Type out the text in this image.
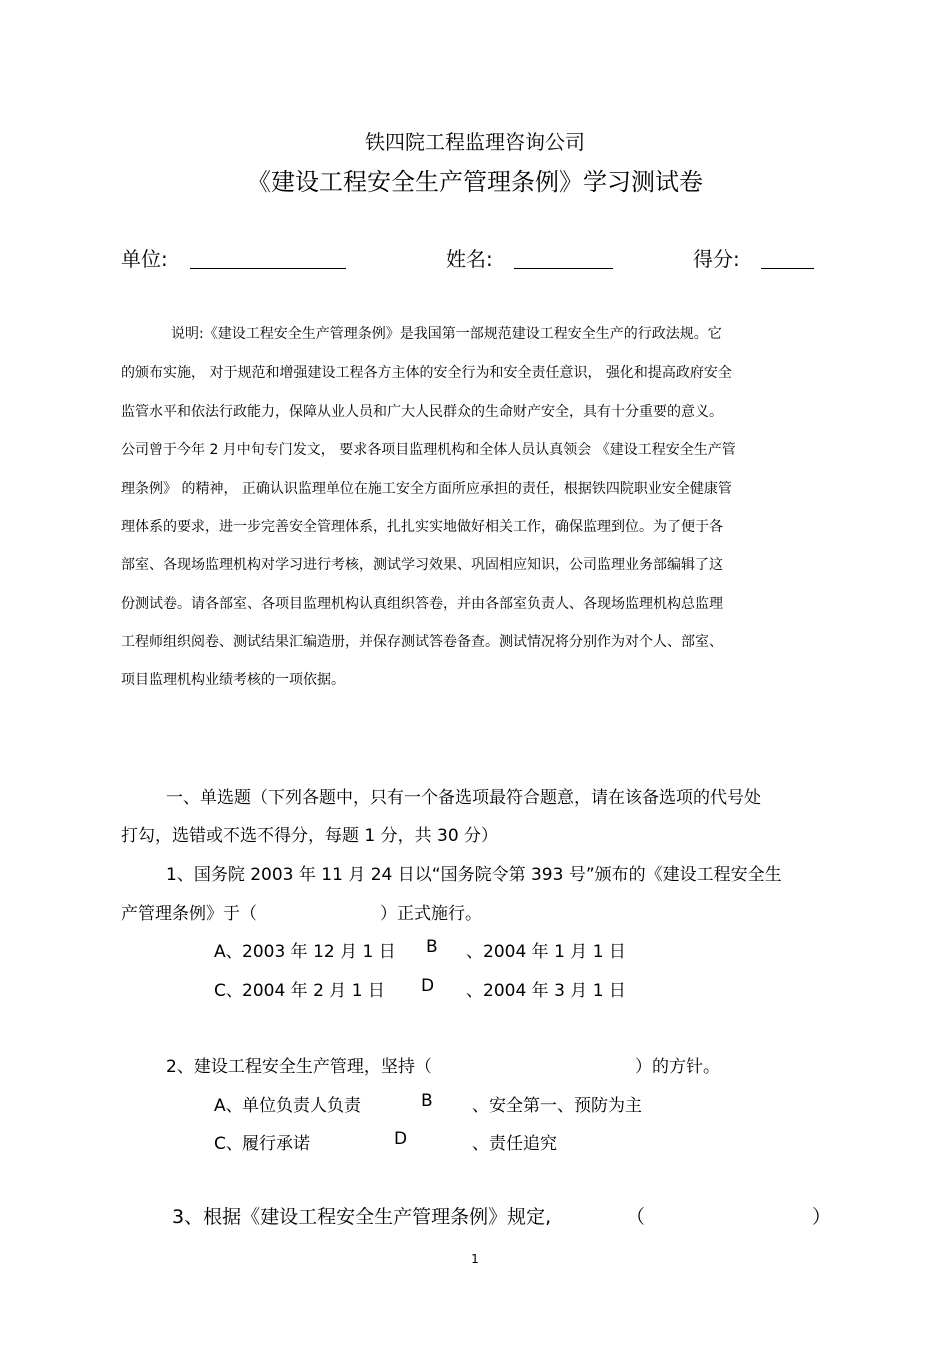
铁四院工程监理咨询公司
《建设工程安全生产管理条例》学习测试卷
单位:	姓名:	得分:
说明:《建设工程安全生产管理条例》是我国第一部规范建设工程安全生产的行政法规。它
的颁布实施， 对于规范和增强建设工程各方主体的安全行为和安全责任意识， 强化和提高政府安全
监管水平和依法行政能力，保障从业人员和广大人民群众的生命财产安全，具有十分重要的意义。
公司曾于今年 2 月中旬专门发文， 要求各项目监理机构和全体人员认真领会 《建设工程安全生产管
理条例》 的精神， 正确认识监理单位在施工安全方面所应承担的责任，根据铁四院职业安全健康管
理体系的要求，进一步完善安全管理体系，扎扎实实地做好相关工作，确保监理到位。为了便于各
部室、各现场监理机构对学习进行考核，测试学习效果、巩固相应知识，公司监理业务部编辑了这
份测试卷。请各部室、各项目监理机构认真组织答卷，并由各部室负责人、各现场监理机构总监理
工程师组织阅卷、测试结果汇编造册，并保存测试答卷备查。测试情况将分别作为对个人、部室、
项目监理机构业绩考核的一项依据。
一、单选题（下列各题中，只有一个备选项最符合题意，请在该备选项的代号处
打勾，选错或不选不得分，每题 1 分，共 30 分）
1、国务院 2003 年 11 月 24 日以“国务院令第 393 号”颁布的《建设工程安全生
产管理条例》于（	）正式施行。
A、 2003 年 12 月 1 日 B 、2004 年 1 月 1 日
C、 2004 年 2 月 1 日 D 、2004 年 3 月 1 日
2、建设工程安全生产管理，坚持（	）的方针。
A、 单位负责人负责	B 、安全第一、预防为主
C、 履行承诺	D	、责任追究
3、根据《建设工程安全生产管理条例》规定,	（	）
1
